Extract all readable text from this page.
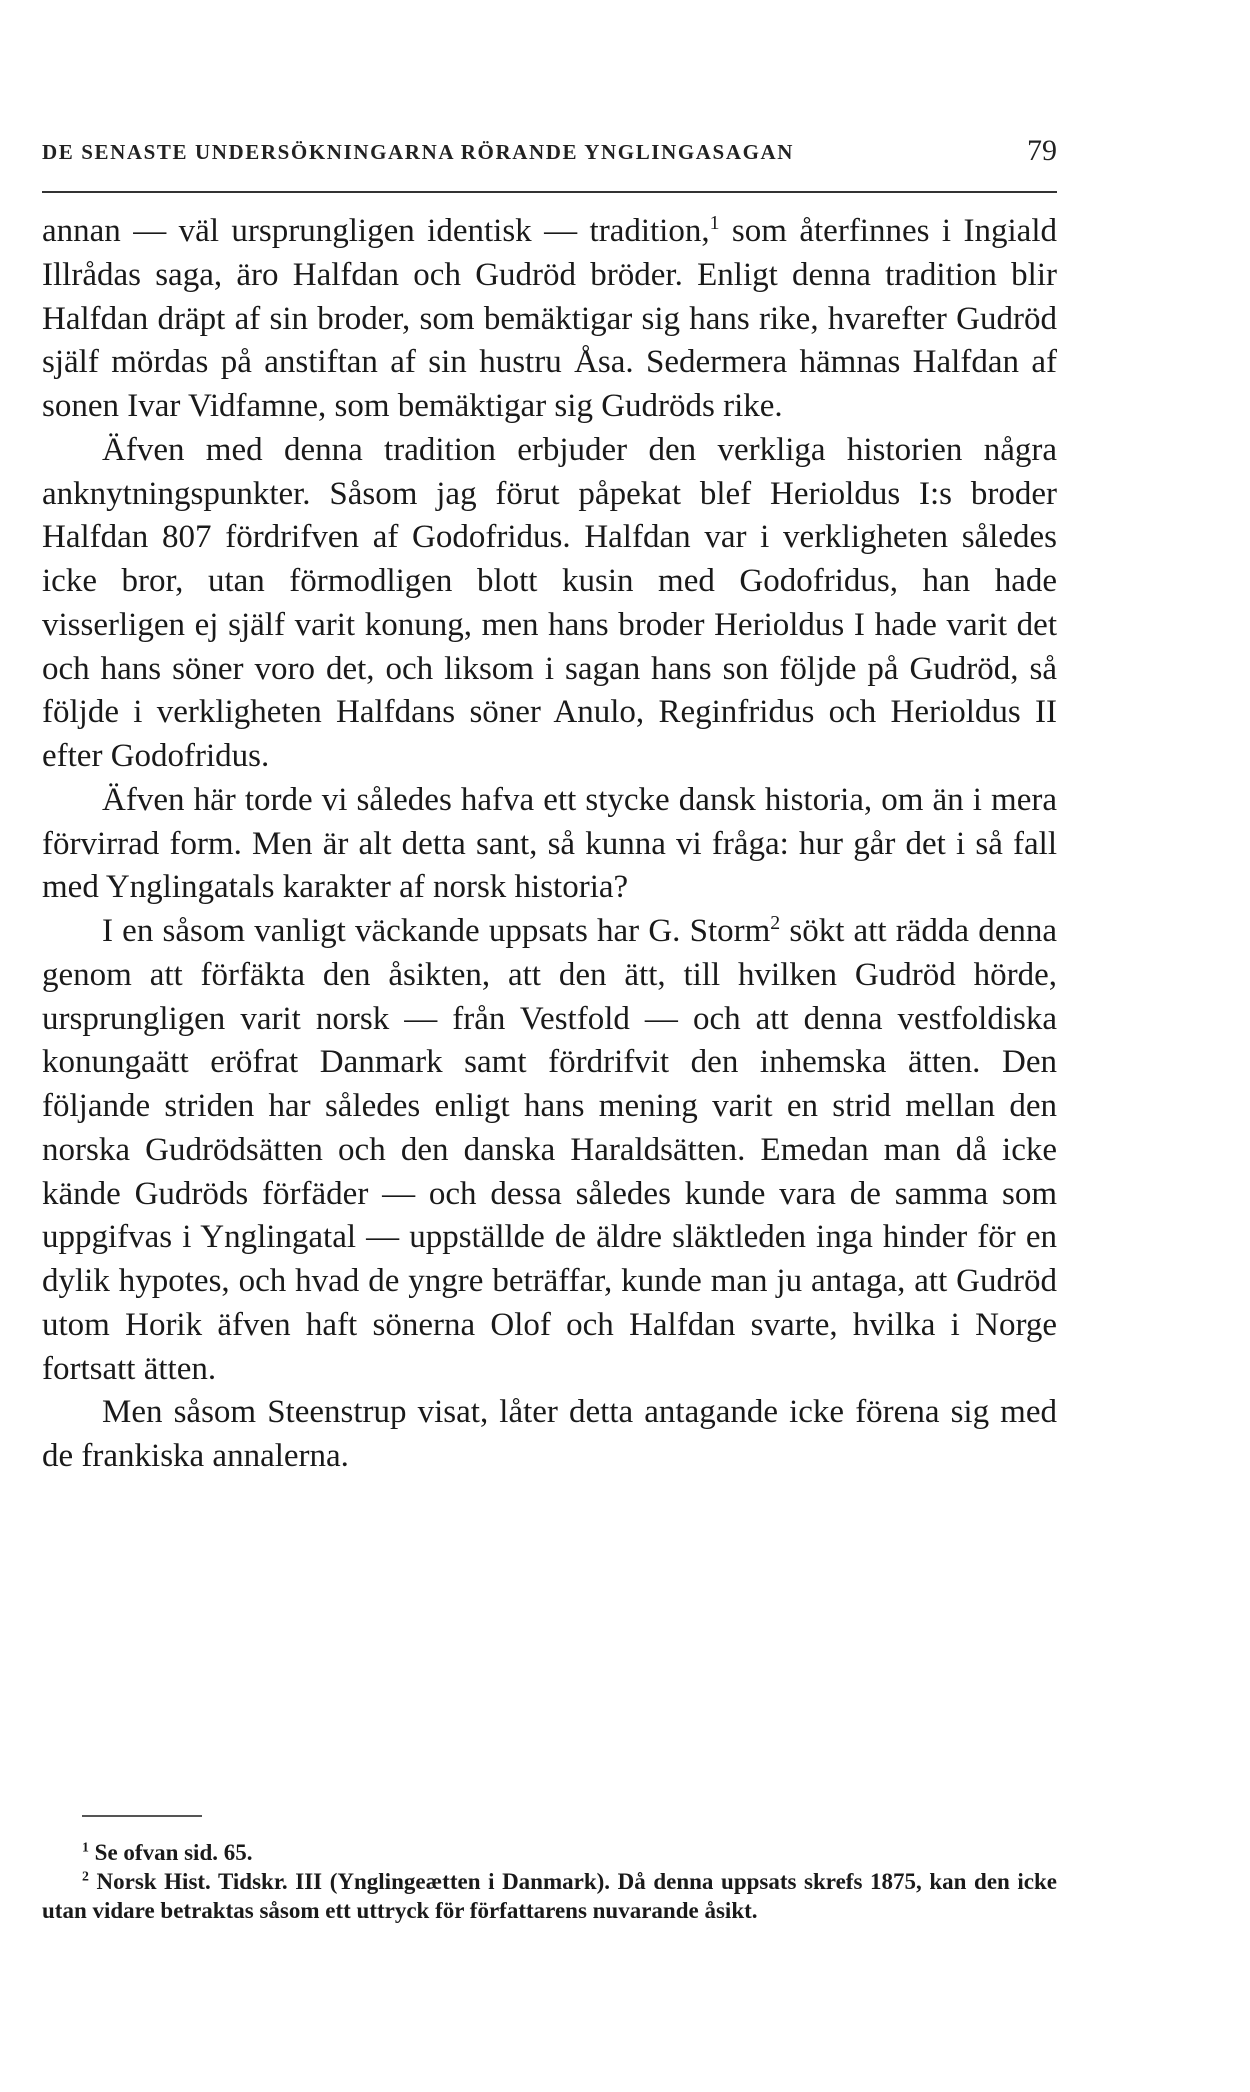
DE SENASTE UNDERSÖKNINGARNA RÖRANDE YNGLINGASAGAN	79

annan — väl ursprungligen identisk — tradition,$^1$ som återfinnes i Ingiald Illrådas saga, äro Halfdan och Gudröd bröder. Enligt denna tradition blir Halfdan dräpt af sin broder, som bemäktigar sig hans rike, hvarefter Gudröd själf mördas på anstiftan af sin hustru Åsa. Sedermera hämnas Halfdan af sonen Ivar Vidfamne, som bemäktigar sig Gudröds rike.

Äfven med denna tradition erbjuder den verkliga historien några anknytningspunkter. Såsom jag förut påpekat blef Herioldus I:s broder Halfdan 807 fördrifven af Godofridus. Halfdan var i verkligheten således icke bror, utan förmodligen blott kusin med Godofridus, han hade visserligen ej själf varit konung, men hans broder Herioldus I hade varit det och hans söner voro det, och liksom i sagan hans son följde på Gudröd, så följde i verkligheten Halfdans söner Anulo, Reginfridus och Herioldus II efter Godofridus.

Äfven här torde vi således hafva ett stycke dansk historia, om än i mera förvirrad form. Men är alt detta sant, så kunna vi fråga: hur går det i så fall med Ynglingatals karakter af norsk historia?

I en såsom vanligt väckande uppsats har G. Storm$^2$ sökt att rädda denna genom att förfäkta den åsikten, att den ätt, till hvilken Gudröd hörde, ursprungligen varit norsk — från Vestfold — och att denna vestfoldiska konungaätt eröfrat Danmark samt fördrifvit den inhemska ätten. Den följande striden har således enligt hans mening varit en strid mellan den norska Gudrödsätten och den danska Haraldsätten. Emedan man då icke kände Gudröds förfäder — och dessa således kunde vara de samma som uppgifvas i Ynglingatal — uppställde de äldre släktleden inga hinder för en dylik hypotes, och hvad de yngre beträffar, kunde man ju antaga, att Gudröd utom Horik äfven haft sönerna Olof och Halfdan svarte, hvilka i Norge fortsatt ätten.

Men såsom Steenstrup visat, låter detta antagande icke förena sig med de frankiska annalerna.

$^1$ Se ofvan sid. 65.

$^2$ Norsk Hist. Tidskr. III (Ynglingeætten i Danmark). Då denna uppsats skrefs 1875, kan den icke utan vidare betraktas såsom ett uttryck för författarens nuvarande åsikt.
